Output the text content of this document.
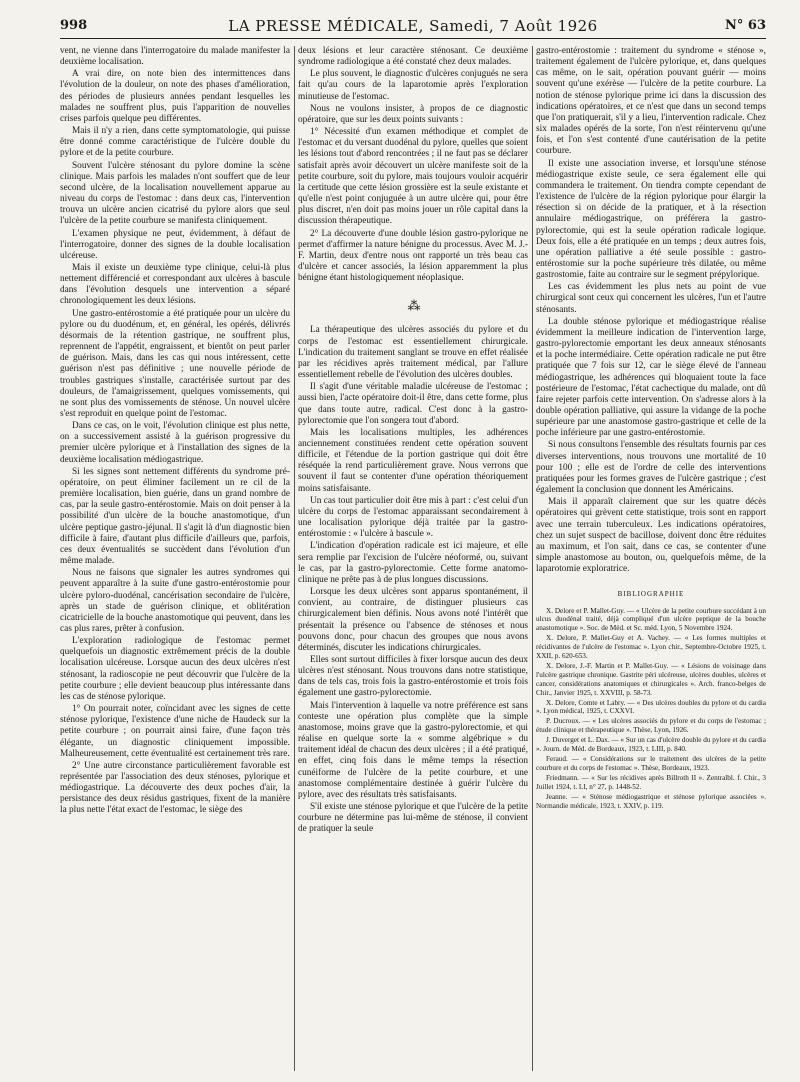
998	LA PRESSE MÉDICALE, Samedi, 7 Août 1926	N° 63

vent, ne vienne dans l'interrogatoire du malade manifester la deuxième localisation.

A vrai dire, on note bien des intermittences dans l'évolution de la douleur, on note des phases d'amélioration, des périodes de plusieurs années pendant lesquelles les malades ne souffrent plus, puis l'apparition de nouvelles crises parfois quelque peu différentes.

Mais il n'y a rien, dans cette symptomatologie, qui puisse être donné comme caractéristique de l'ulcère double du pylore et de la petite courbure.

Souvent l'ulcère sténosant du pylore domine la scène clinique. Mais parfois les malades n'ont souffert que de leur second ulcère, de la localisation nouvellement apparue au niveau du corps de l'estomac : dans deux cas, l'intervention trouva un ulcère ancien cicatrisé du pylore alors que seul l'ulcère de la petite courbure se manifesta cliniquement.

L'examen physique ne peut, évidemment, à défaut de l'interrogatoire, donner des signes de la double localisation ulcéreuse.

Mais il existe un deuxième type clinique, celui-là plus nettement différencié et correspondant aux ulcères à bascule dans l'évolution desquels une intervention a séparé chronologiquement les deux lésions.

Une gastro-entérostomie a été pratiquée pour un ulcère du pylore ou du duodénum, et, en général, les opérés, délivrés désormais de la rétention gastrique, ne souffrent plus, reprennent de l'appétit, engraissent, et bientôt on peut parler de guérison. Mais, dans les cas qui nous intéressent, cette guérison n'est pas définitive ; une nouvelle période de troubles gastriques s'installe, caractérisée surtout par des douleurs, de l'amaigrissement, quelques vomissements, qui ne sont plus des vomissements de sténose. Un nouvel ulcère s'est reproduit en quelque point de l'estomac.

Dans ce cas, on le voit, l'évolution clinique est plus nette, on a successivement assisté à la guérison progressive du premier ulcère pylorique et à l'installation des signes de la deuxième localisation médiogastrique.

Si les signes sont nettement différents du syndrome pré-opératoire, on peut éliminer facilement un re cil de la première localisation, bien guérie, dans un grand nombre de cas, par la seule gastro-entérostomie. Mais on doit penser à la possibilité d'un ulcère de la bouche anastomotique, d'un ulcère peptique gastro-jéjunal. Il s'agit là d'un diagnostic bien difficile à faire, d'autant plus difficile d'ailleurs que, parfois, ces deux éventualités se succèdent dans l'évolution d'un même malade.

Nous ne faisons que signaler les autres syndromes qui peuvent apparaître à la suite d'une gastro-entérostomie pour ulcère pyloro-duodénal, cancérisation secondaire de l'ulcère, après un stade de guérison clinique, et oblitération cicatricielle de la bouche anastomotique qui peuvent, dans les cas plus rares, prêter à confusion.

L'exploration radiologique de l'estomac permet quelquefois un diagnostic extrêmement précis de la double localisation ulcéreuse. Lorsque aucun des deux ulcères n'est sténosant, la radioscopie ne peut découvrir que l'ulcère de la petite courbure ; elle devient beaucoup plus intéressante dans les cas de sténose pylorique.

1° On pourrait noter, coïncidant avec les signes de cette sténose pylorique, l'existence d'une niche de Haudeck sur la petite courbure ; on pourrait ainsi faire, d'une façon très élégante, un diagnostic cliniquement impossible. Malheureusement, cette éventualité est certainement très rare.

2° Une autre circonstance particulièrement favorable est représentée par l'association des deux sténoses, pylorique et médiogastrique. La découverte des deux poches d'air, la persistance des deux résidus gastriques, fixent de la manière la plus nette l'état exact de l'estomac, le siège des

deux lésions et leur caractère sténosant. Ce deuxième syndrome radiologique a été constaté chez deux malades.

Le plus souvent, le diagnostic d'ulcères conjugués ne sera fait qu'au cours de la laparotomie après l'exploration minutieuse de l'estomac.

Nous ne voulons insister, à propos de ce diagnostic opératoire, que sur les deux points suivants :

1° Nécessité d'un examen méthodique et complet de l'estomac et du versant duodénal du pylore, quelles que soient les lésions tout d'abord rencontrées ; il ne faut pas se déclarer satisfait après avoir découvert un ulcère manifeste soit de la petite courbure, soit du pylore, mais toujours vouloir acquérir la certitude que cette lésion grossière est la seule existante et qu'elle n'est point conjuguée à un autre ulcère qui, pour être plus discret, n'en doit pas moins jouer un rôle capital dans la discussion thérapeutique.

2° La découverte d'une double lésion gastro-pylorique ne permet d'affirmer la nature bénigne du processus. Avec M. J.-F. Martin, deux d'entre nous ont rapporté un très beau cas d'ulcère et cancer associés, la lésion apparemment la plus bénigne étant histologiquement néoplasique.

⁂

La thérapeutique des ulcères associés du pylore et du corps de l'estomac est essentiellement chirurgicale. L'indication du traitement sanglant se trouve en effet réalisée par les récidives après traitement médical, par l'allure essentiellement rebelle de l'évolution des ulcères doubles.

Il s'agit d'une véritable maladie ulcéreuse de l'estomac ; aussi bien, l'acte opératoire doit-il être, dans cette forme, plus que dans toute autre, radical. C'est donc à la gastro-pylorectomie que l'on songera tout d'abord.

Mais les localisations multiples, les adhérences anciennement constituées rendent cette opération souvent difficile, et l'étendue de la portion gastrique qui doit être réséquée la rend particulièrement grave. Nous verrons que souvent il faut se contenter d'une opération théoriquement moins satisfaisante.

Un cas tout particulier doit être mis à part : c'est celui d'un ulcère du corps de l'estomac apparaissant secondairement à une localisation pylorique déjà traitée par la gastro-entérostomie : « l'ulcère à bascule ».

L'indication d'opération radicale est ici majeure, et elle sera remplie par l'excision de l'ulcère néoformé, ou, suivant le cas, par la gastro-pylorectomie. Cette forme anatomo-clinique ne prête pas à de plus longues discussions.

Lorsque les deux ulcères sont apparus spontanément, il convient, au contraire, de distinguer plusieurs cas chirurgicalement bien définis. Nous avons noté l'intérêt que présentait la présence ou l'absence de sténoses et nous pouvons donc, pour chacun des groupes que nous avons déterminés, discuter les indications chirurgicales.

Elles sont surtout difficiles à fixer lorsque aucun des deux ulcères n'est sténosant. Nous trouvons dans notre statistique, dans de tels cas, trois fois la gastro-entérostomie et trois fois également une gastro-pylorectomie.

Mais l'intervention à laquelle va notre préférence est sans conteste une opération plus complète que la simple anastomose, moins grave que la gastro-pylorectomie, et qui réalise en quelque sorte la « somme algébrique » du traitement idéal de chacun des deux ulcères ; il a été pratiqué, en effet, cinq fois dans le même temps la résection cunéiforme de l'ulcère de la petite courbure, et une anastomose complémentaire destinée à guérir l'ulcère du pylore, avec des résultats très satisfaisants.

S'il existe une sténose pylorique et que l'ulcère de la petite courbure ne détermine pas lui-même de sténose, il convient de pratiquer la seule

gastro-entérostomie : traitement du syndrome « sténose », traitement également de l'ulcère pylorique, et, dans quelques cas même, on le sait, opération pouvant guérir — moins souvent qu'une exérèse — l'ulcère de la petite courbure. La notion de sténose pylorique prime ici dans la discussion des indications opératoires, et ce n'est que dans un second temps que l'on pratiquerait, s'il y a lieu, l'intervention radicale. Chez six malades opérés de la sorte, l'on n'est réintervenu qu'une fois, et l'on s'est contenté d'une cautérisation de la petite courbure.

Il existe une association inverse, et lorsqu'une sténose médiogastrique existe seule, ce sera également elle qui commandera le traitement. On tiendra compte cependant de l'existence de l'ulcère de la région pylorique pour élargir la résection si on décide de la pratiquer, et à la résection annulaire médiogastrique, on préférera la gastro-pylorectomie, qui est la seule opération radicale logique. Deux fois, elle a été pratiquée en un temps ; deux autres fois, une opération palliative a été seule possible : gastro-entérostomie sur la poche supérieure très dilatée, ou même gastrostomie, faite au contraire sur le segment prépylorique.

Les cas évidemment les plus nets au point de vue chirurgical sont ceux qui concernent les ulcères, l'un et l'autre sténosants.

La double sténose pylorique et médiogastrique réalise évidemment la meilleure indication de l'intervention large, gastro-pylorectomie emportant les deux anneaux sténosants et la poche intermédiaire. Cette opération radicale ne put être pratiquée que 7 fois sur 12, car le siège élevé de l'anneau médiogastrique, les adhérences qui bloquaient toute la face postérieure de l'estomac, l'état cachectique du malade, ont dû faire rejeter parfois cette intervention. On s'adresse alors à la double opération palliative, qui assure la vidange de la poche supérieure par une anastomose gastro-gastrique et celle de la poche inférieure par une gastro-entérostomie.

Si nous consultons l'ensemble des résultats fournis par ces diverses interventions, nous trouvons une mortalité de 10 pour 100 ; elle est de l'ordre de celle des interventions pratiquées pour les formes graves de l'ulcère gastrique ; c'est également la conclusion que donnent les Américains.

Mais il apparaît clairement que sur les quatre décès opératoires qui grèvent cette statistique, trois sont en rapport avec une terrain tuberculeux. Les indications opératoires, chez un sujet suspect de bacillose, doivent donc être réduites au maximum, et l'on sait, dans ce cas, se contenter d'une simple anastomose au bouton, ou, quelquefois même, de la laparotomie exploratrice.

BIBLIOGRAPHIE

X. Delore et P. Mallet-Guy. — « Ulcère de la petite courbure succédant à un ulcus duodénal traité, déjà compliqué d'un ulcère peptique de la bouche anastomotique ». Soc. de Méd. et Sc. méd. Lyon, 5 Novembre 1924.

X. Delore, P. Mallet-Guy et A. Vachey. — « Les formes multiples et récidivantes de l'ulcère de l'estomac ». Lyon chir., Septembre-Octobre 1925, t. XXII, p. 620-653.

X. Delore, J.-F. Martin et P. Mallet-Guy. — « Lésions de voisinage dans l'ulcère gastrique chronique. Gastrite péri ulcéreuse, ulcères doubles, ulcères et cancer, considérations anatomiques et chirurgicales ». Arch. franco-belges de Chir., Janvier 1925, t. XXVIII, p. 58-73.

X. Delore, Comte et Labry. — « Des ulcères doubles du pylore et du cardia ». Lyon médical, 1925, t. CXXVI.

P. Ducroux. — « Les ulcères associés du pylore et du corps de l'estomac ; étude clinique et thérapeutique ». Thèse, Lyon, 1926.

J. Duverget et L. Dax. — « Sur un cas d'ulcère double du pylore et du cardia ». Journ. de Méd. de Bordeaux, 1923, t. LIII, p. 840.

Feraud. — « Considérations sur le traitement des ulcères de la petite courbure et du corps de l'estomac ». Thèse, Bordeaux, 1923.

Friedmann. — « Sur les récidives après Billroth II ». Zentralbl. f. Chir., 3 Juillet 1924, t. LI, n° 27, p. 1448-52.

Jeanne. — « Sténose médiogastrique et sténose pylorique associées ». Normandie médicale, 1923, t. XXIV, p. 119.
